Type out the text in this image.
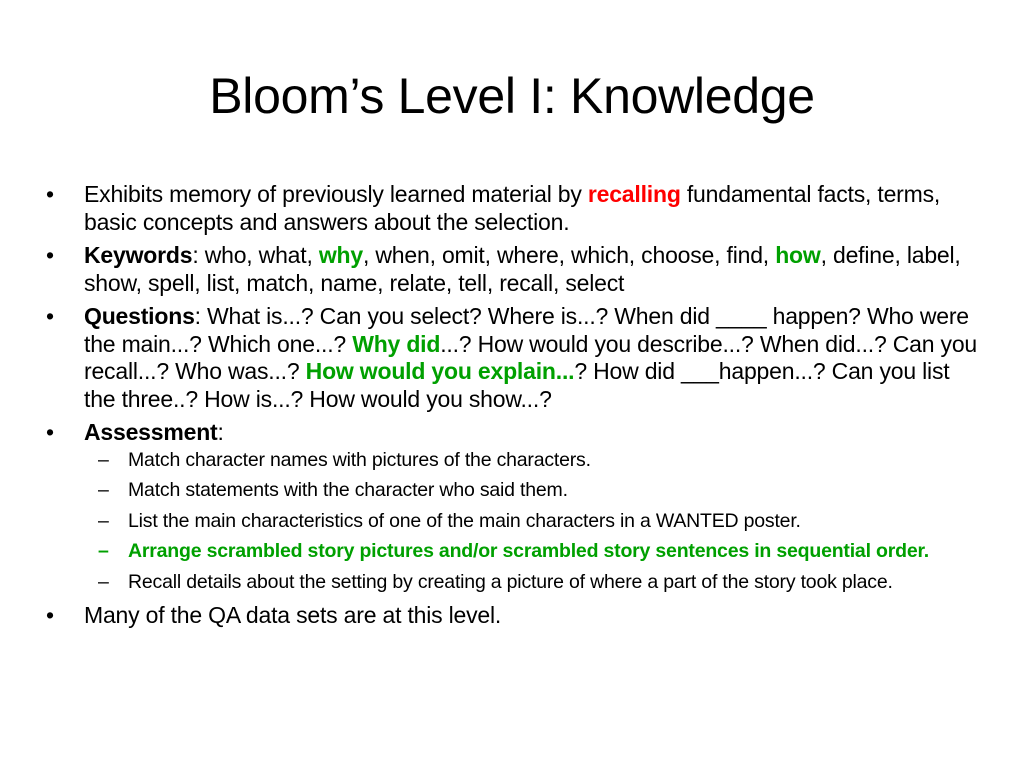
Bloom’s Level I: Knowledge
• Exhibits memory of previously learned material by recalling fundamental facts, terms, basic concepts and answers about the selection.
• Keywords: who, what, why, when, omit, where, which, choose, find, how, define, label, show, spell, list, match, name, relate, tell, recall, select
• Questions: What is...? Can you select? Where is...? When did ____ happen? Who were the main...? Which one...? Why did...? How would you describe...? When did...? Can you recall...? Who was...? How would you explain...? How did ___happen...? Can you list the three..? How is...? How would you show...?
• Assessment:
– Match character names with pictures of the characters.
– Match statements with the character who said them.
– List the main characteristics of one of the main characters in a WANTED poster.
– Arrange scrambled story pictures and/or scrambled story sentences in sequential order.
– Recall details about the setting by creating a picture of where a part of the story took place.
• Many of the QA data sets are at this level.
